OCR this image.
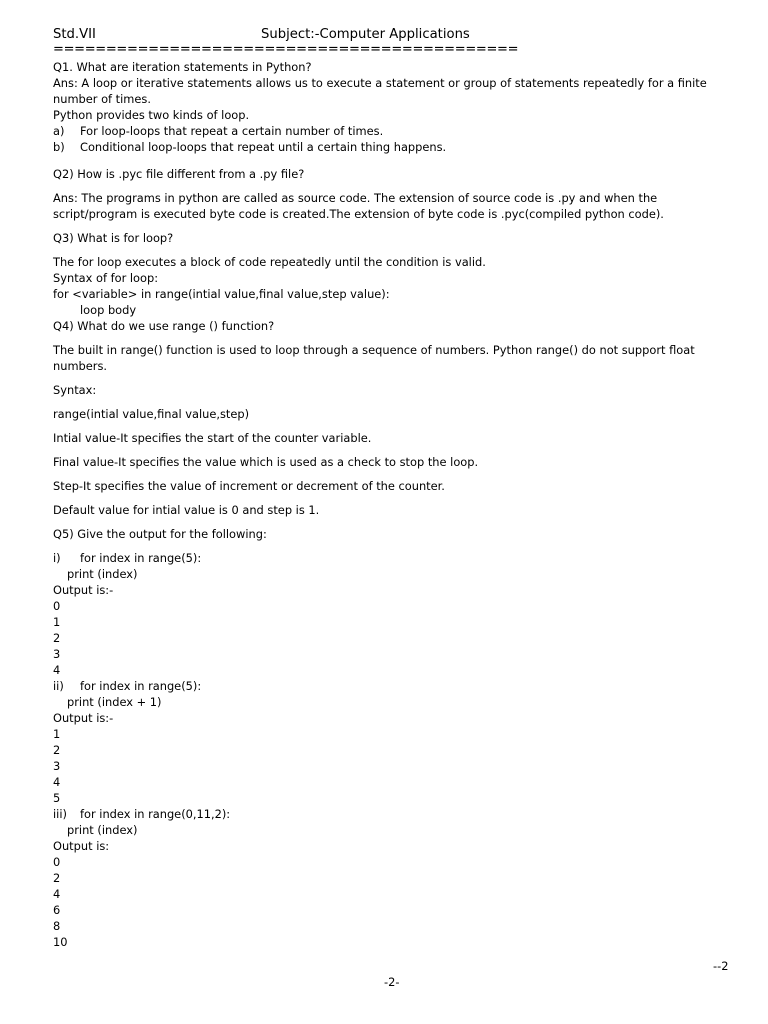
Std.VII	Subject:-Computer Applications
============================================
Q1. What are iteration statements in Python?
Ans: A loop or iterative statements allows us to execute a statement or group of statements repeatedly for a finite number of times.
Python provides two kinds of loop.
a)	For loop-loops that repeat a certain number of times.
b)	Conditional loop-loops that repeat until a certain thing happens.
Q2) How is .pyc file different from a .py file?
Ans: The programs in python are called as source code. The extension of source code is .py and when the script/program is executed byte code is created.The extension of byte code is .pyc(compiled python code).
Q3) What is for loop?
The for loop executes a block of code repeatedly until the condition is valid.
Syntax of for loop:
for <variable> in range(intial value,final value,step value):
loop body
Q4) What do we use range () function?
The built in range() function is used to loop through a sequence of numbers. Python range() do not support float numbers.
Syntax:
range(intial value,final value,step)
Intial value-It specifies the start of the counter variable.
Final value-It specifies the value which is used as a check to stop the loop.
Step-It specifies the value of increment or decrement of the counter.
Default value for intial value is 0 and step is 1.
Q5) Give the output for the following:
i)	for index in range(5):
print (index)
Output is:-
0
1
2
3
4
ii)	for index in range(5):
print (index + 1)
Output is:-
1
2
3
4
5
iii)	for index in range(0,11,2):
print (index)
Output is:
0
2
4
6
8
10
--2
-2-
